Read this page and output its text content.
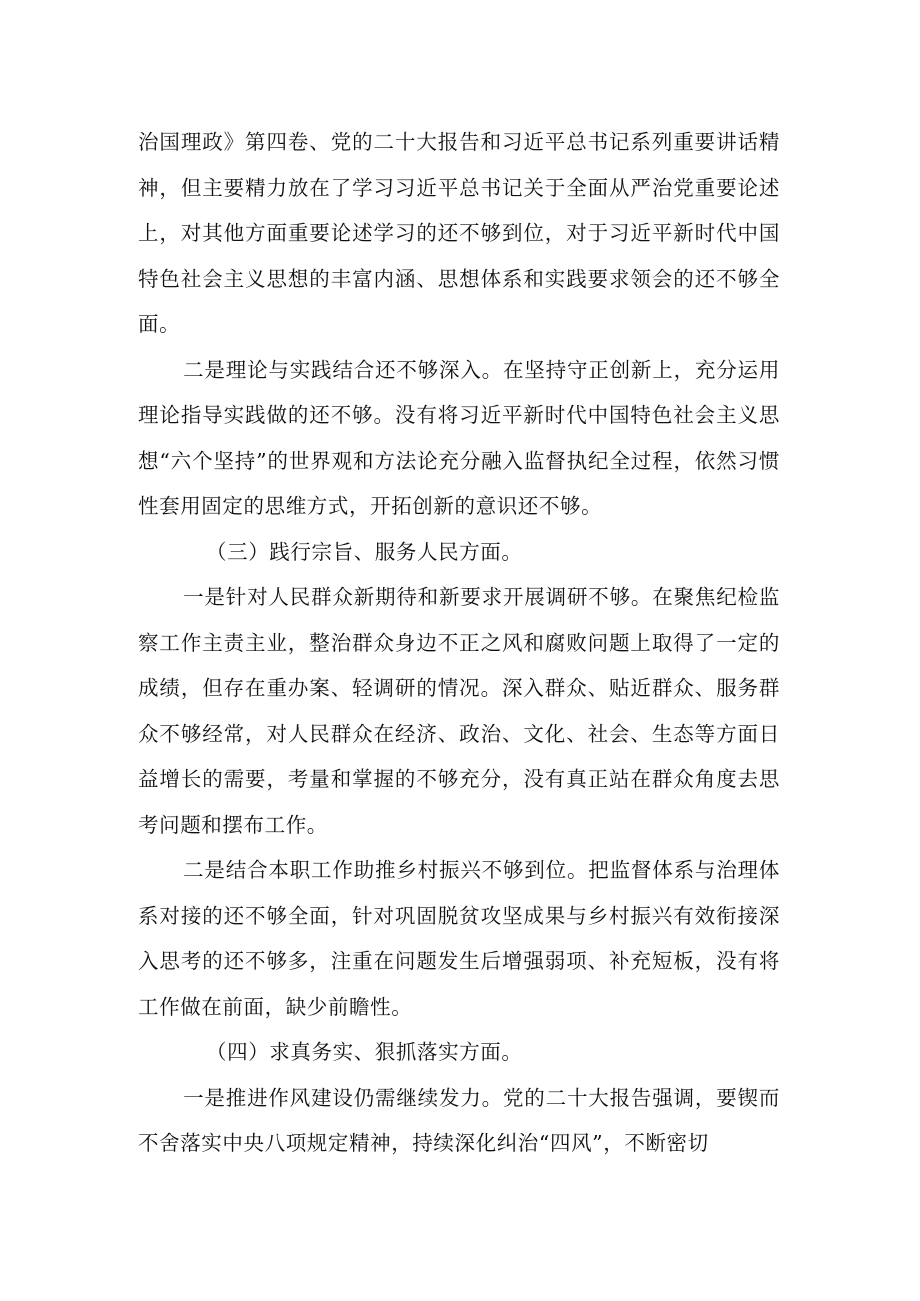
治国理政》第四卷、党的二十大报告和习近平总书记系列重要讲话精神，但主要精力放在了学习习近平总书记关于全面从严治党重要论述上，对其他方面重要论述学习的还不够到位，对于习近平新时代中国特色社会主义思想的丰富内涵、思想体系和实践要求领会的还不够全面。

二是理论与实践结合还不够深入。在坚持守正创新上，充分运用理论指导实践做的还不够。没有将习近平新时代中国特色社会主义思想“六个坚持”的世界观和方法论充分融入监督执纪全过程，依然习惯性套用固定的思维方式，开拓创新的意识还不够。

（三）践行宗旨、服务人民方面。

一是针对人民群众新期待和新要求开展调研不够。在聚焦纪检监察工作主责主业，整治群众身边不正之风和腐败问题上取得了一定的成绩，但存在重办案、轻调研的情况。深入群众、贴近群众、服务群众不够经常，对人民群众在经济、政治、文化、社会、生态等方面日益增长的需要，考量和掌握的不够充分，没有真正站在群众角度去思考问题和摆布工作。

二是结合本职工作助推乡村振兴不够到位。把监督体系与治理体系对接的还不够全面，针对巩固脱贫攻坚成果与乡村振兴有效衔接深入思考的还不够多，注重在问题发生后增强弱项、补充短板，没有将工作做在前面，缺少前瞻性。

（四）求真务实、狠抓落实方面。

一是推进作风建设仍需继续发力。党的二十大报告强调，要锲而不舍落实中央八项规定精神，持续深化纠治“四风”，不断密切
